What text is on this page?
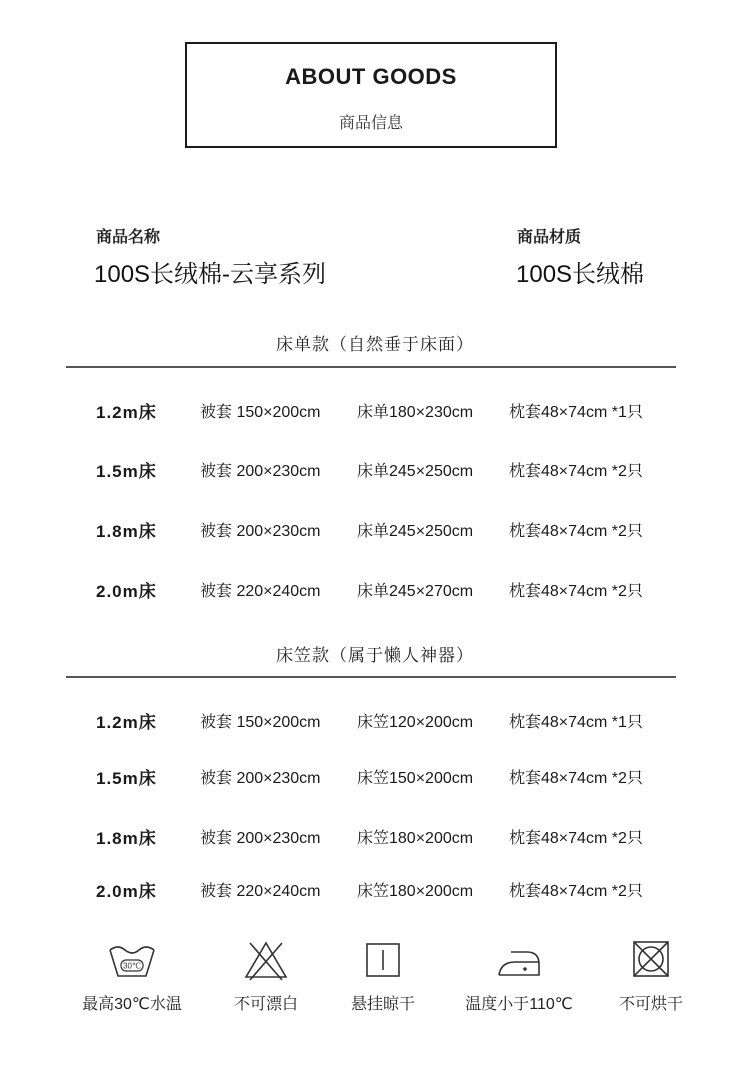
ABOUT GOODS
商品信息
商品名称
100S长绒棉-云享系列
商品材质
100S长绒棉
床单款（自然垂于床面）
1.2m床	被套 150×200cm 床单180×230cm 枕套48×74cm *1只
1.5m床	被套 200×230cm 床单245×250cm 枕套48×74cm *2只
1.8m床	被套 200×230cm 床单245×250cm 枕套48×74cm *2只
2.0m床	被套 220×240cm 床单245×270cm 枕套48×74cm *2只
床笠款（属于懒人神器）
1.2m床	被套 150×200cm 床笠120×200cm 枕套48×74cm *1只
1.5m床	被套 200×230cm 床笠150×200cm 枕套48×74cm *2只
1.8m床	被套 200×230cm 床笠180×200cm 枕套48×74cm *2只
2.0m床	被套 220×240cm 床笠180×200cm 枕套48×74cm *2只
30℃
最高30℃水温	不可漂白	悬挂晾干	温度小于110℃	不可烘干
